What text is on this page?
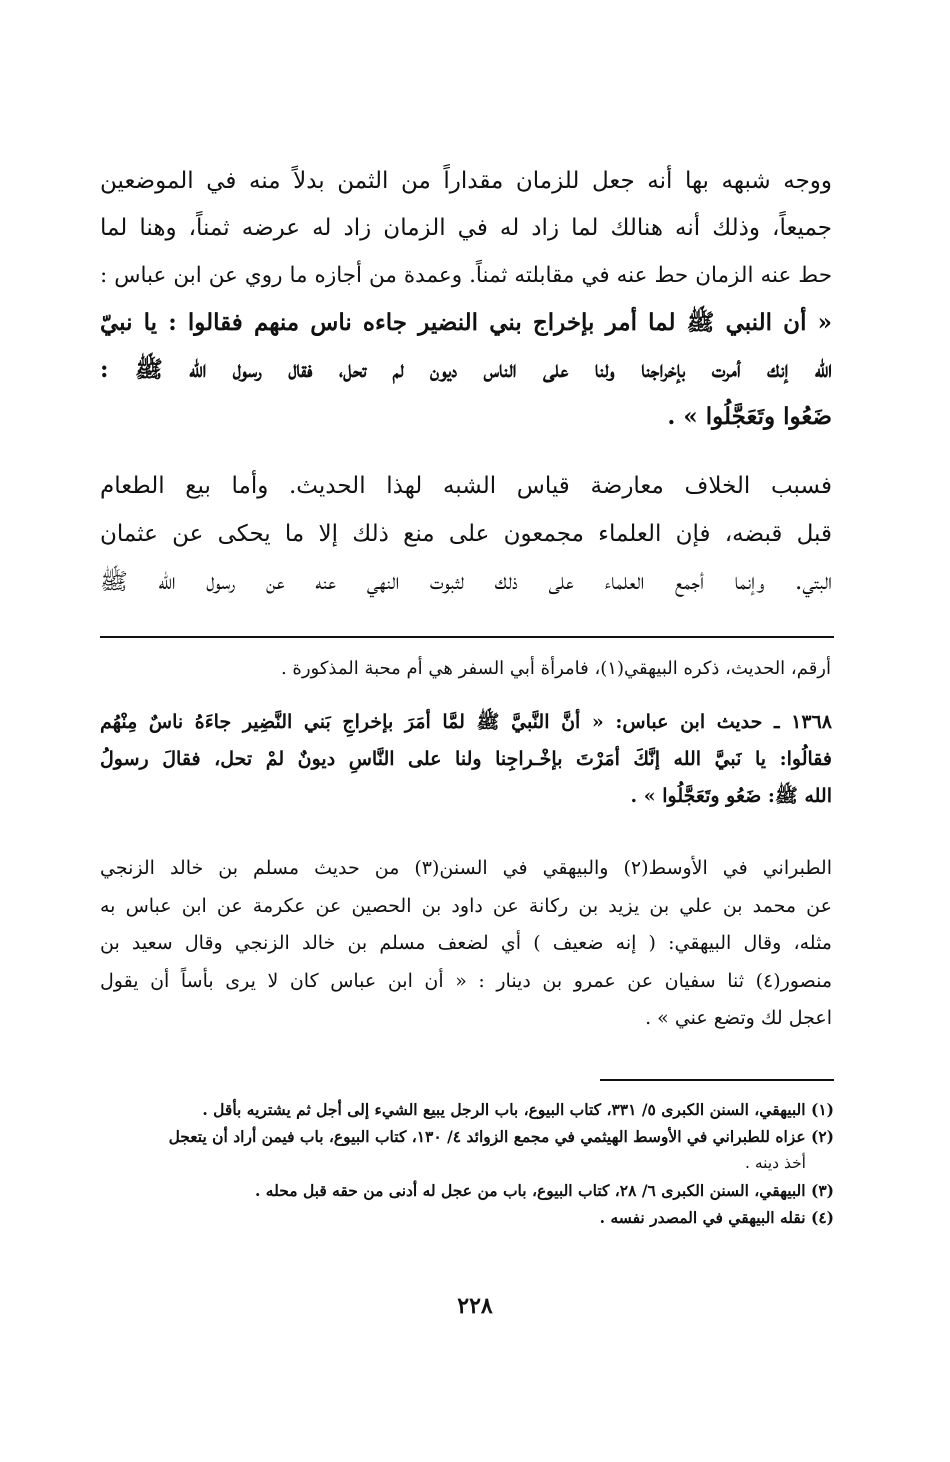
ووجه شبهه بها أنه جعل للزمان مقداراً من الثمن بدلاً منه في الموضعين
جميعاً، وذلك أنه هنالك لما زاد له في الزمان زاد له عرضه ثمناً، وهنا لما
حط عنه الزمان حط عنه في مقابلته ثمناً. وعمدة من أجازه ما روي عن ابن عباس :
« أن النبي ﷺ لما أمر بإخراج بني النضير جاءه ناس منهم فقالوا : يا نبيّ
الله إنك أمرت بإخراجنا ولنا على الناس ديون لم تحل، فقال رسول الله ﷺ :
ضَعُوا وتَعَجَّلُوا » .
فسبب الخلاف معارضة قياس الشبه لهذا الحديث. وأما بيع الطعام
قبل قبضه، فإن العلماء مجمعون على منع ذلك إلا ما يحكى عن عثمان
البتي. وإنما أجمع العلماء على ذلك لثبوت النهي عنه عن رسول الله ﷺ
أرقم، الحديث، ذكره البيهقي(١)، فامرأة أبي السفر هي أم محبة المذكورة .
١٣٦٨ ـ حديث ابن عباس: « أنَّ النَّبيَّ ﷺ لمَّا أمَرَ بإخراجِ بَني النَّضِير جاءَهُ ناسٌ مِنْهُم
فقالُوا: يا نَبيَّ الله إنَّكَ أمَرْتَ بإخْـراجِنا ولنا على النَّاسِ ديونٌ لمْ تحل، فقالَ رسولُ
الله ﷺ: ضَعُو وتَعَجَّلُوا » .
الطبراني في الأوسط(٢) والبيهقي في السنن(٣) من حديث مسلم بن خالد الزنجي
عن محمد بن علي بن يزيد بن ركانة عن داود بن الحصين عن عكرمة عن ابن عباس به
مثله، وقال البيهقي: ( إنه ضعيف ) أي لضعف مسلم بن خالد الزنجي وقال سعيد بن
منصور(٤) ثنا سفيان عن عمرو بن دينار : « أن ابن عباس كان لا يرى بأساً أن يقول
اعجل لك وتضع عني » .
(١) البيهقي، السنن الكبرى ٥/ ٣٣١، كتاب البيوع، باب الرجل يبيع الشيء إلى أجل ثم يشتريه بأقل .
(٢) عزاه للطبراني في الأوسط الهيثمي في مجمع الزوائد ٤/ ١٣٠، كتاب البيوع، باب فيمن أراد أن يتعجل
أخذ دينه .
(٣) البيهقي، السنن الكبرى ٦/ ٢٨، كتاب البيوع، باب من عجل له أدنى من حقه قبل محله .
(٤) نقله البيهقي في المصدر نفسه .
٢٢٨
